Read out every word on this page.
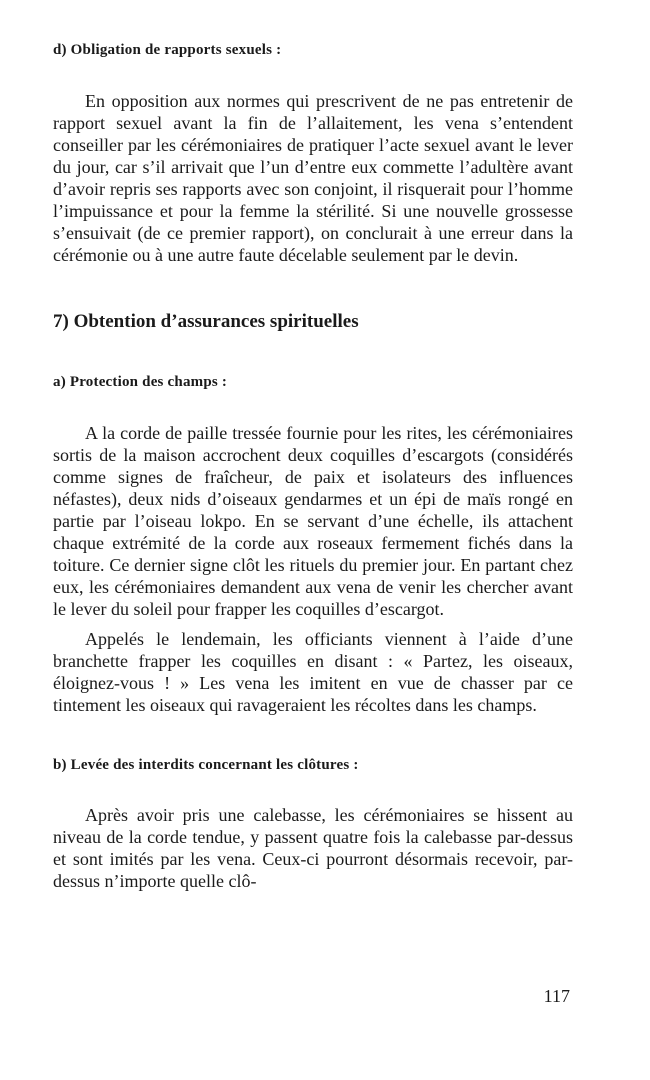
d) Obligation de rapports sexuels :

En opposition aux normes qui prescrivent de ne pas entretenir de rapport sexuel avant la fin de l’allaitement, les vena s’entendent conseiller par les cérémoniaires de pratiquer l’acte sexuel avant le lever du jour, car s’il arrivait que l’un d’entre eux commette l’adultère avant d’avoir repris ses rapports avec son conjoint, il risquerait pour l’homme l’impuissance et pour la femme la stérilité. Si une nouvelle grossesse s’ensuivait (de ce premier rapport), on conclurait à une erreur dans la cérémonie ou à une autre faute décelable seulement par le devin.

7) Obtention d’assurances spirituelles

a) Protection des champs :

A la corde de paille tressée fournie pour les rites, les cérémoniaires sortis de la maison accrochent deux coquilles d’escargots (considérés comme signes de fraîcheur, de paix et isolateurs des influences néfastes), deux nids d’oiseaux gendarmes et un épi de maïs rongé en partie par l’oiseau lokpo. En se servant d’une échelle, ils attachent chaque extrémité de la corde aux roseaux fermement fichés dans la toiture. Ce dernier signe clôt les rituels du premier jour. En partant chez eux, les cérémoniaires demandent aux vena de venir les chercher avant le lever du soleil pour frapper les coquilles d’escargot.

Appelés le lendemain, les officiants viennent à l’aide d’une branchette frapper les coquilles en disant : « Partez, les oiseaux, éloignez-vous ! » Les vena les imitent en vue de chasser par ce tintement les oiseaux qui ravageraient les récoltes dans les champs.

b) Levée des interdits concernant les clôtures :

Après avoir pris une calebasse, les cérémoniaires se hissent au niveau de la corde tendue, y passent quatre fois la calebasse par-dessus et sont imités par les vena. Ceux-ci pourront désormais recevoir, par-dessus n’importe quelle clô-

117
